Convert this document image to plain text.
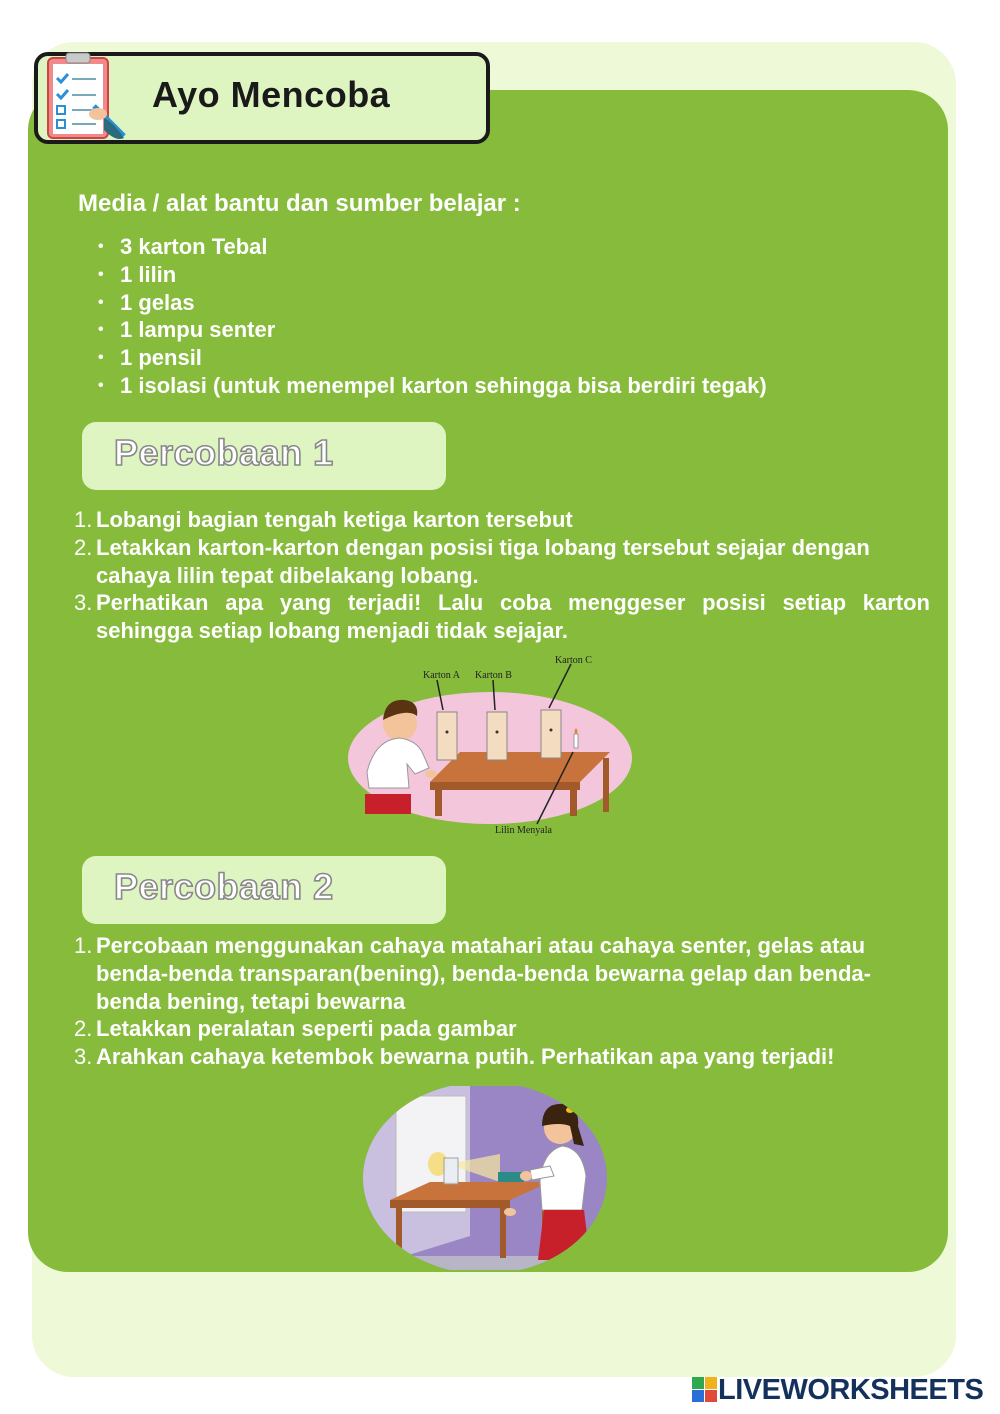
Ayo Mencoba
Media / alat bantu dan sumber belajar :
• 3 karton Tebal
• 1 lilin
• 1 gelas
• 1 lampu senter
• 1 pensil
• 1 isolasi (untuk menempel karton sehingga bisa berdiri tegak)
Percobaan 1
1. Lobangi bagian tengah ketiga karton tersebut
2. Letakkan karton-karton dengan posisi tiga lobang tersebut sejajar dengan cahaya lilin tepat dibelakang lobang.
3. Perhatikan apa yang terjadi! Lalu coba menggeser posisi setiap karton sehingga setiap lobang menjadi tidak sejajar.
Karton A Karton B
Karton C
Lilin Menyala
Percobaan 2
1. Percobaan menggunakan cahaya matahari atau cahaya senter, gelas atau benda-benda transparan(bening), benda-benda bewarna gelap dan benda-benda bening, tetapi bewarna
2. Letakkan peralatan seperti pada gambar
3. Arahkan cahaya ketembok bewarna putih. Perhatikan apa yang terjadi!
LIVEWORKSHEETS
